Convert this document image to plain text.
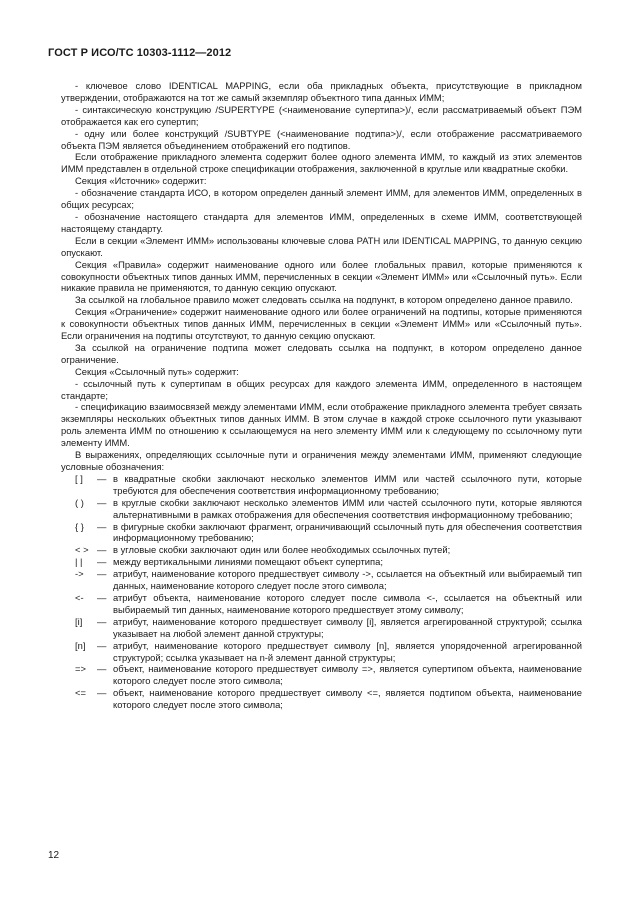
ГОСТ Р ИСО/ТС 10303-1112—2012

- ключевое слово IDENTICAL MAPPING, если оба прикладных объекта, присутствующие в прикладном утверждении, отображаются на тот же самый экземпляр объектного типа данных ИММ;

- синтаксическую конструкцию /SUPERTYPE (<наименование супертипа>)/, если рассматриваемый объект ПЭМ отображается как его супертип;

- одну или более конструкций /SUBTYPE (<наименование подтипа>)/, если отображение рассматриваемого объекта ПЭМ является объединением отображений его подтипов.

Если отображение прикладного элемента содержит более одного элемента ИММ, то каждый из этих элементов ИММ представлен в отдельной строке спецификации отображения, заключенной в круглые или квадратные скобки.

Секция «Источник» содержит:

- обозначение стандарта ИСО, в котором определен данный элемент ИММ, для элементов ИММ, определенных в общих ресурсах;

- обозначение настоящего стандарта для элементов ИММ, определенных в схеме ИММ, соответствующей настоящему стандарту.

Если в секции «Элемент ИММ» использованы ключевые слова PATH или IDENTICAL MAPPING, то данную секцию опускают.

Секция «Правила» содержит наименование одного или более глобальных правил, которые применяются к совокупности объектных типов данных ИММ, перечисленных в секции «Элемент ИММ» или «Ссылочный путь». Если никакие правила не применяются, то данную секцию опускают.

За ссылкой на глобальное правило может следовать ссылка на подпункт, в котором определено данное правило.

Секция «Ограничение» содержит наименование одного или более ограничений на подтипы, которые применяются к совокупности объектных типов данных ИММ, перечисленных в секции «Элемент ИММ» или «Ссылочный путь». Если ограничения на подтипы отсутствуют, то данную секцию опускают.

За ссылкой на ограничение подтипа может следовать ссылка на подпункт, в котором определено данное ограничение.

Секция «Ссылочный путь» содержит:

- ссылочный путь к супертипам в общих ресурсах для каждого элемента ИММ, определенного в настоящем стандарте;

- спецификацию взаимосвязей между элементами ИММ, если отображение прикладного элемента требует связать экземпляры нескольких объектных типов данных ИММ. В этом случае в каждой строке ссылочного пути указывают роль элемента ИММ по отношению к ссылающемуся на него элементу ИММ или к следующему по ссылочному пути элементу ИММ.

В выражениях, определяющих ссылочные пути и ограничения между элементами ИММ, применяют следующие условные обозначения:

[ ]	— в квадратные скобки заключают несколько элементов ИММ или частей ссылочного пути, которые требуются для обеспечения соответствия информационному требованию;
( )	— в круглые скобки заключают несколько элементов ИММ или частей ссылочного пути, которые являются альтернативными в рамках отображения для обеспечения соответствия информационному требованию;
{ }	— в фигурные скобки заключают фрагмент, ограничивающий ссылочный путь для обеспечения соответствия информационному требованию;
< > — в угловые скобки заключают один или более необходимых ссылочных путей;
| |	— между вертикальными линиями помещают объект супертипа;
->	— атрибут, наименование которого предшествует символу ->, ссылается на объектный или выбираемый тип данных, наименование которого следует после этого символа;
<-	— атрибут объекта, наименование которого следует после символа <-, ссылается на объектный или выбираемый тип данных, наименование которого предшествует этому символу;
[i]	— атрибут, наименование которого предшествует символу [i], является агрегированной структурой; ссылка указывает на любой элемент данной структуры;
[n]	— атрибут, наименование которого предшествует символу [n], является упорядоченной агрегированной структурой; ссылка указывает на n-й элемент данной структуры;
=>	— объект, наименование которого предшествует символу =>, является супертипом объекта, наименование которого следует после этого символа;
<=	— объект, наименование которого предшествует символу <=, является подтипом объекта, наименование которого следует после этого символа;
12
